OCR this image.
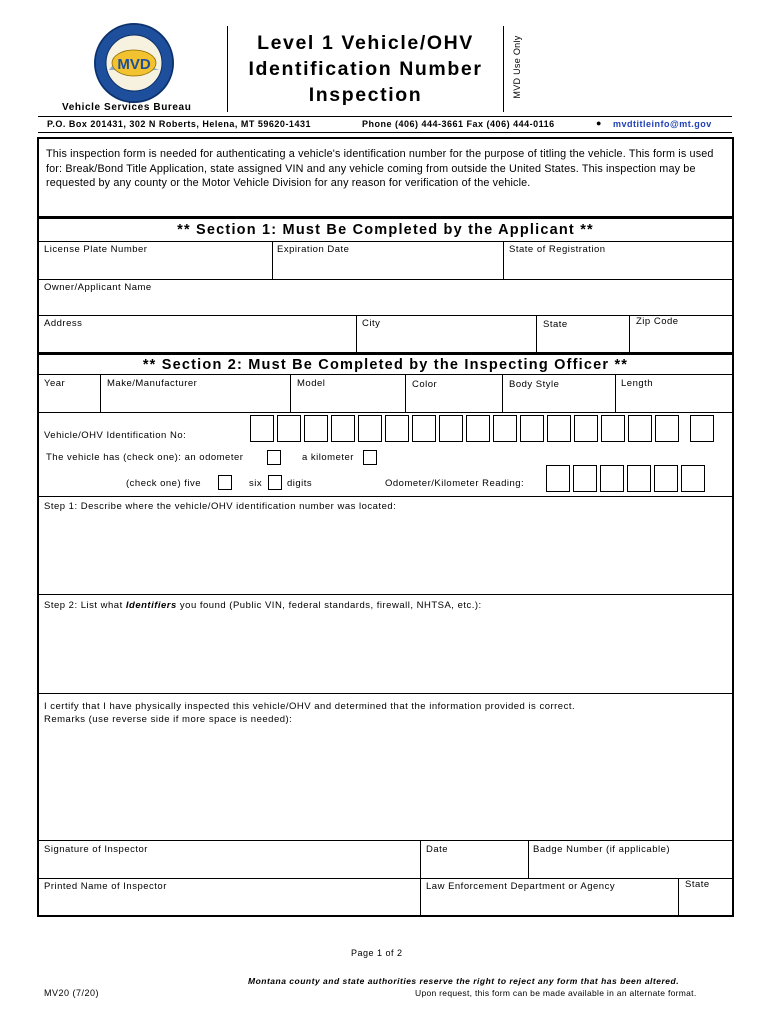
MVD
Vehicle Services Bureau
Level 1 Vehicle/OHV
Identification Number
Inspection	MVD Use Only
P.O. Box 201431, 302 N Roberts, Helena, MT 59620-1431	Phone (406) 444-3661 Fax (406) 444-0116	● mvdtitleinfo@mt.gov
This inspection form is needed for authenticating a vehicle's identification number for the purpose of titling the vehicle. This form is used for: Break/Bond Title Application, state assigned VIN and any vehicle coming from outside the United States. This inspection may be requested by any county or the Motor Vehicle Division for any reason for verification of the vehicle.
** Section 1: Must Be Completed by the Applicant **
License Plate Number	Expiration Date	State of Registration
Owner/Applicant Name
Address	City	State	Zip Code
** Section 2: Must Be Completed by the Inspecting Officer **
Year	Make/Manufacturer	Model	Color	Body Style	Length
Vehicle/OHV Identification No:
The vehicle has (check one): an odometer	a kilometer
(check one) five	six	digits	Odometer/Kilometer Reading:
Step 1: Describe where the vehicle/OHV identification number was located:
Step 2: List what Identifiers you found (Public VIN, federal standards, firewall, NHTSA, etc.):
I certify that I have physically inspected this vehicle/OHV and determined that the information provided is correct.
Remarks (use reverse side if more space is needed):
Signature of Inspector	Date	Badge Number (if applicable)
Printed Name of Inspector	Law Enforcement Department or Agency	State
Page 1 of 2
Montana county and state authorities reserve the right to reject any form that has been altered.
MV20 (7/20)	Upon request, this form can be made available in an alternate format.
